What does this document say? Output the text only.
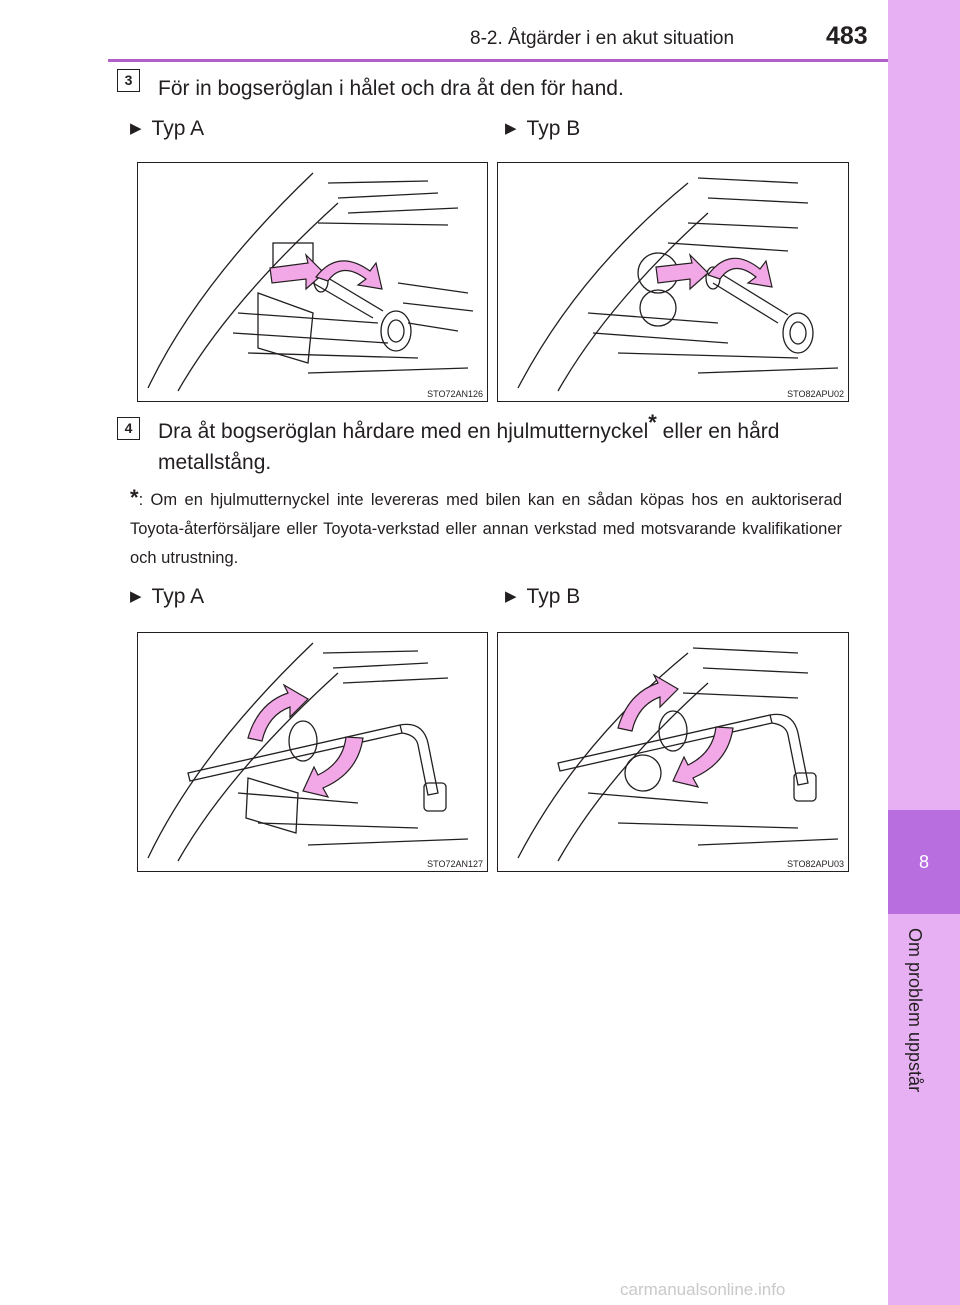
8-2. Åtgärder i en akut situation	483
8
Om problem uppstår
3	För in bogseröglan i hålet och dra åt den för hand.
▶ Typ A	▶ Typ B
STO72AN126	STO82APU02
4	Dra åt bogseröglan hårdare med en hjulmutternyckel* eller en hård metallstång.
*: Om en hjulmutternyckel inte levereras med bilen kan en sådan köpas hos en auktoriserad Toyota-återförsäljare eller Toyota-verkstad eller annan verkstad med motsvarande kvalifikationer och utrustning.
▶ Typ A	▶ Typ B
STO72AN127	STO82APU03
carmanualsonline.info
